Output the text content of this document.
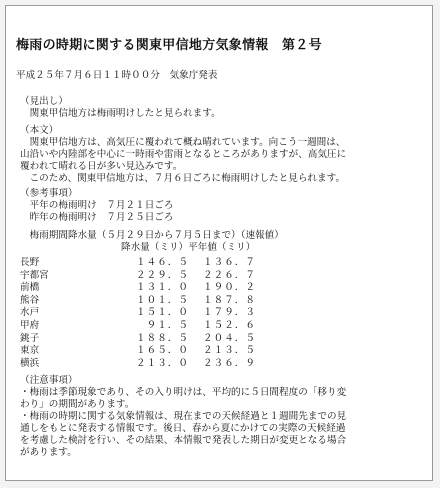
梅雨の時期に関する関東甲信地方気象情報　第２号
平成２５年７月６日１１時００分　気象庁発表
（見出し）
　関東甲信地方は梅雨明けしたと見られます。
（本文）
　関東甲信地方は、高気圧に覆われて概ね晴れています。向こう一週間は、
山沿いや内陸部を中心に一時雨や雷雨となるところがありますが、高気圧に
覆われて晴れる日が多い見込みです。
　このため、関東甲信地方は、７月６日ごろに梅雨明けしたと見られます。
（参考事項）
　平年の梅雨明け　７月２１日ごろ
　昨年の梅雨明け　７月２５日ごろ
　梅雨期間降水量（５月２９日から７月５日まで）（速報値）
降水量（ミリ）平年値（ミリ）
長野	１４６．５	１３６．７
宇都宮	２２９．５	２２６．７
前橋	１３１．０	１９０．２
熊谷	１０１．５	１８７．８
水戸	１５１．０	１７９．３
甲府	９１．５	１５２．６
銚子	１８８．５	２０４．５
東京	１６５．０	２１３．５
横浜	２１３．０	２３６．９
（注意事項）
・梅雨は季節現象であり、その入り明けは、平均的に５日間程度の「移り変
わり」の期間があります。
・梅雨の時期に関する気象情報は、現在までの天候経過と１週間先までの見
通しをもとに発表する情報です。後日、春から夏にかけての実際の天候経過
を考慮した検討を行い、その結果、本情報で発表した期日が変更となる場合
があります。
